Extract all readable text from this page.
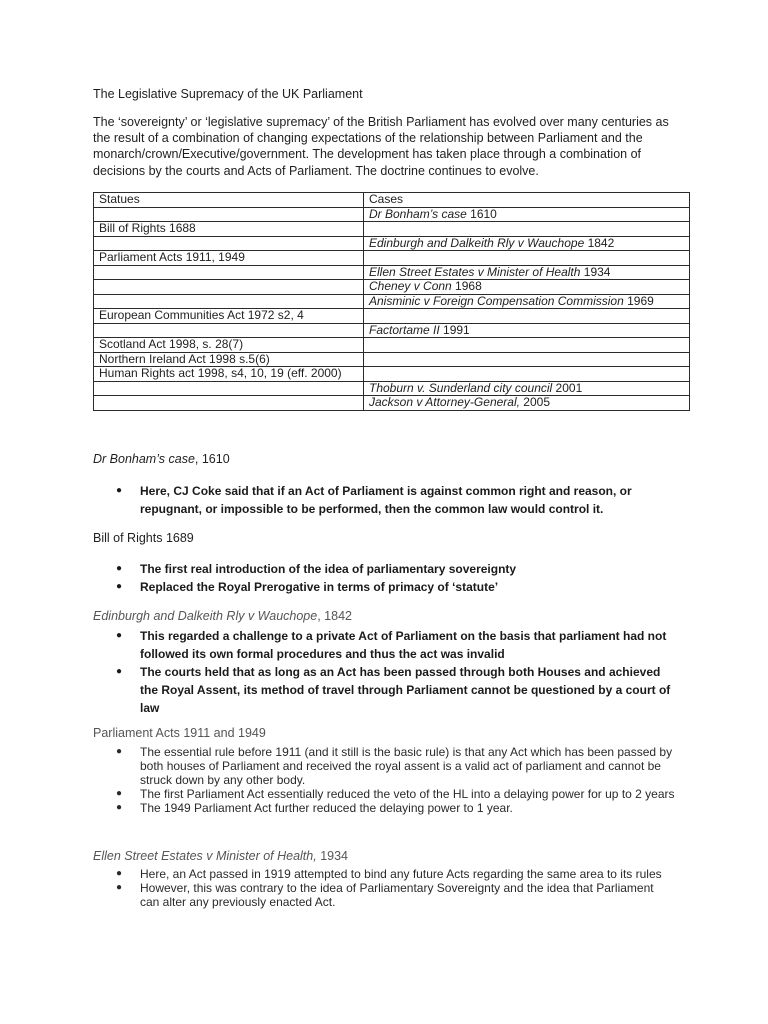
The Legislative Supremacy of the UK Parliament
The ‘sovereignty’ or ‘legislative supremacy’ of the British Parliament has evolved over many centuries as the result of a combination of changing expectations of the relationship between Parliament and the monarch/crown/Executive/government. The development has taken place through a combination of decisions by the courts and Acts of Parliament. The doctrine continues to evolve.
Statues	Cases
	Dr Bonham’s case 1610
Bill of Rights 1688	
	Edinburgh and Dalkeith Rly v Wauchope 1842
Parliament Acts 1911, 1949	
	Ellen Street Estates v Minister of Health 1934
	Cheney v Conn 1968
	Anisminic v Foreign Compensation Commission 1969
European Communities Act 1972 s2, 4	
	Factortame II 1991
Scotland Act 1998, s. 28(7)	
Northern Ireland Act 1998 s.5(6)	
Human Rights act 1998, s4, 10, 19 (eff. 2000)	
	Thoburn v. Sunderland city council 2001
	Jackson v Attorney-General, 2005
Dr Bonham’s case, 1610
● Here, CJ Coke said that if an Act of Parliament is against common right and reason, or repugnant, or impossible to be performed, then the common law would control it.
Bill of Rights 1689
● The first real introduction of the idea of parliamentary sovereignty
● Replaced the Royal Prerogative in terms of primacy of ‘statute’
Edinburgh and Dalkeith Rly v Wauchope, 1842
● This regarded a challenge to a private Act of Parliament on the basis that parliament had not followed its own formal procedures and thus the act was invalid
● The courts held that as long as an Act has been passed through both Houses and achieved the Royal Assent, its method of travel through Parliament cannot be questioned by a court of law
Parliament Acts 1911 and 1949
● The essential rule before 1911 (and it still is the basic rule) is that any Act which has been passed by both houses of Parliament and received the royal assent is a valid act of parliament and cannot be struck down by any other body.
● The first Parliament Act essentially reduced the veto of the HL into a delaying power for up to 2 years
● The 1949 Parliament Act further reduced the delaying power to 1 year.
Ellen Street Estates v Minister of Health, 1934
● Here, an Act passed in 1919 attempted to bind any future Acts regarding the same area to its rules
● However, this was contrary to the idea of Parliamentary Sovereignty and the idea that Parliament can alter any previously enacted Act.
